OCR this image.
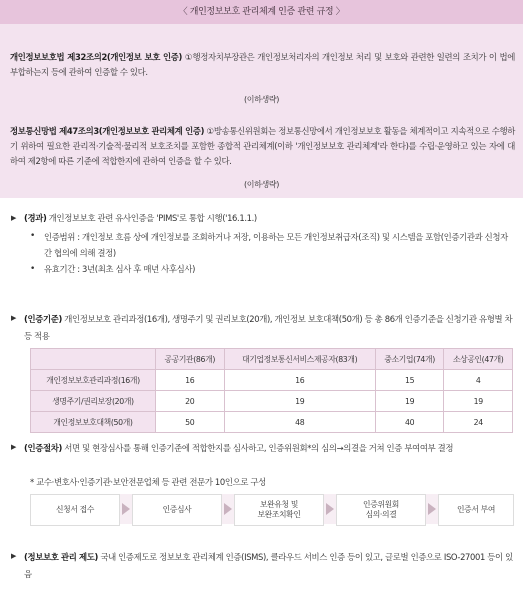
〈 개인정보보호 관리체계 인증 관련 규정 〉
개인정보보호법 제32조의2(개인정보 보호 인증) ①행정자치부장관은 개인정보처리자의 개인정보 처리 및 보호와 관련한 일련의 조치가 이 법에 부합하는지 등에 관하여 인증할 수 있다.
(이하생략)
정보통신망법 제47조의3(개인정보보호 관리체계 인증) ①방송통신위원회는 정보통신망에서 개인정보보호 활동을 체계적이고 지속적으로 수행하기 위하여 필요한 관리적·기술적·물리적 보호조치를 포함한 종합적 관리체계(이하 '개인정보보호 관리체계'라 한다)를 수립·운영하고 있는 자에 대하여 제2항에 따른 기준에 적합한지에 관하여 인증을 할 수 있다.
(이하생략)
▶ (경과) 개인정보보호 관련 유사인증을 'PIMS'로 통합 시행('16.1.1.)
• 인증범위 : 개인정보 흐름 상에 개인정보를 조회하거나 저장, 이용하는 모든 개인정보취급자(조직) 및 시스템을 포함(인증기관과 신청자 간 협의에 의해 결정)
• 유효기간 : 3년(최초 심사 후 매년 사후심사)
▶ (인증기준) 개인정보보호 관리과정(16개), 생명주기 및 권리보호(20개), 개인정보 보호대책(50개) 등 총 86개 인증기준을 신청기관 유형별 차등 적용
	공공기관(86개)	대기업정보통신서비스제공자(83개)	중소기업(74개)	소상공인(47개)
개인정보보호관리과정(16개)	16	16	15	4
생명주기/권리보장(20개)	20	19	19	19
개인정보보호대책(50개)	50	48	40	24
▶ (인증절차) 서면 및 현장심사를 통해 인증기준에 적합한지를 심사하고, 인증위원회*의 심의→의결을 거쳐 인증 부여여부 결정
* 교수·변호사·인증기관·보안전문업체 등 관련 전문가 10인으로 구성
신청서 접수	인증심사
보완유청 및
보완조치확인
인증위원회
심의·의결
인증서 부여
▶ (정보보호 관리 제도) 국내 인증제도로 정보보호 관리체계 인증(ISMS), 클라우드 서비스 인증 등이 있고, 글로벌 인증으로 ISO-27001 등이 있음
